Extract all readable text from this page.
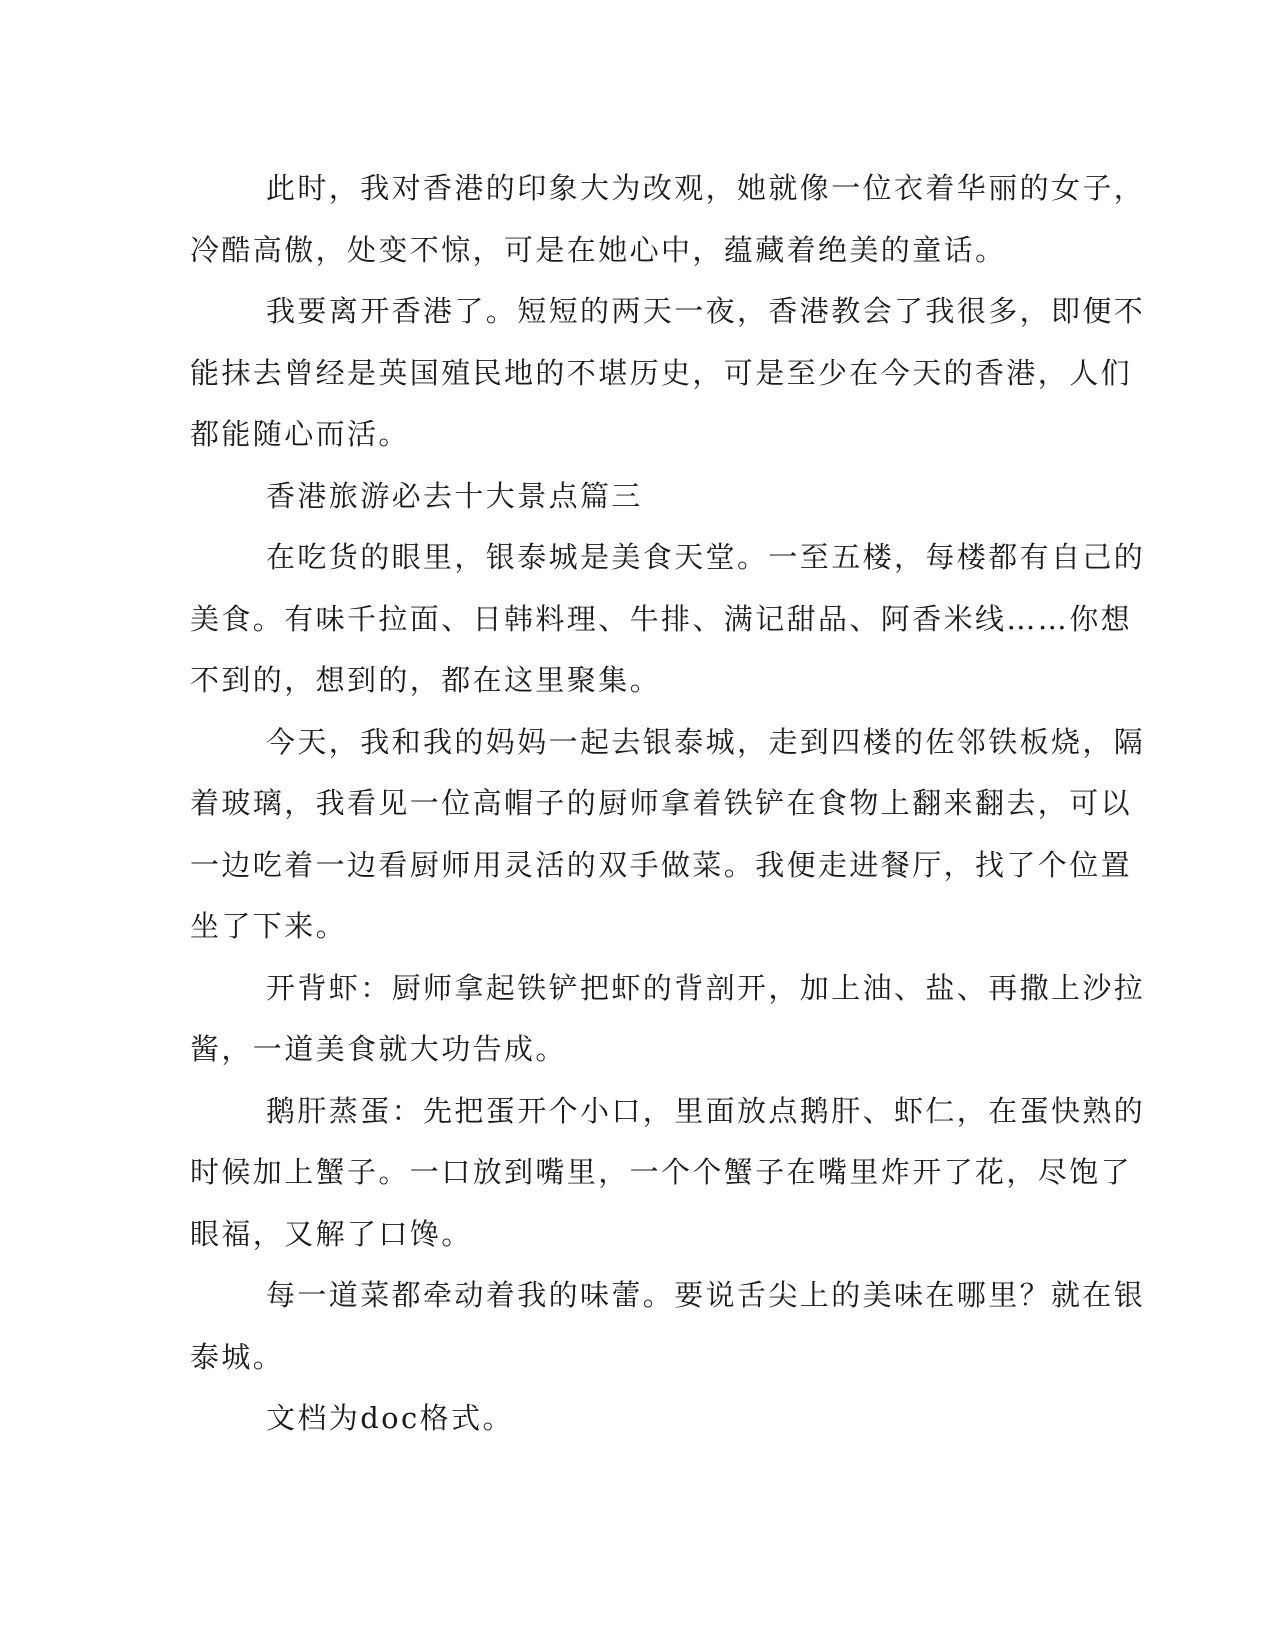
此时，我对香港的印象大为改观，她就像一位衣着华丽的女子，
冷酷高傲，处变不惊，可是在她心中，蕴藏着绝美的童话。

我要离开香港了。短短的两天一夜，香港教会了我很多，即便不
能抹去曾经是英国殖民地的不堪历史，可是至少在今天的香港，人们
都能随心而活。

香港旅游必去十大景点篇三

在吃货的眼里，银泰城是美食天堂。一至五楼，每楼都有自己的
美食。有味千拉面、日韩料理、牛排、满记甜品、阿香米线……你想
不到的，想到的，都在这里聚集。

今天，我和我的妈妈一起去银泰城，走到四楼的佐邻铁板烧，隔
着玻璃，我看见一位高帽子的厨师拿着铁铲在食物上翻来翻去，可以
一边吃着一边看厨师用灵活的双手做菜。我便走进餐厅，找了个位置
坐了下来。

开背虾：厨师拿起铁铲把虾的背剖开，加上油、盐、再撒上沙拉
酱，一道美食就大功告成。

鹅肝蒸蛋：先把蛋开个小口，里面放点鹅肝、虾仁，在蛋快熟的
时候加上蟹子。一口放到嘴里，一个个蟹子在嘴里炸开了花，尽饱了
眼福，又解了口馋。

每一道菜都牵动着我的味蕾。要说舌尖上的美味在哪里？就在银
泰城。

文档为doc格式。
